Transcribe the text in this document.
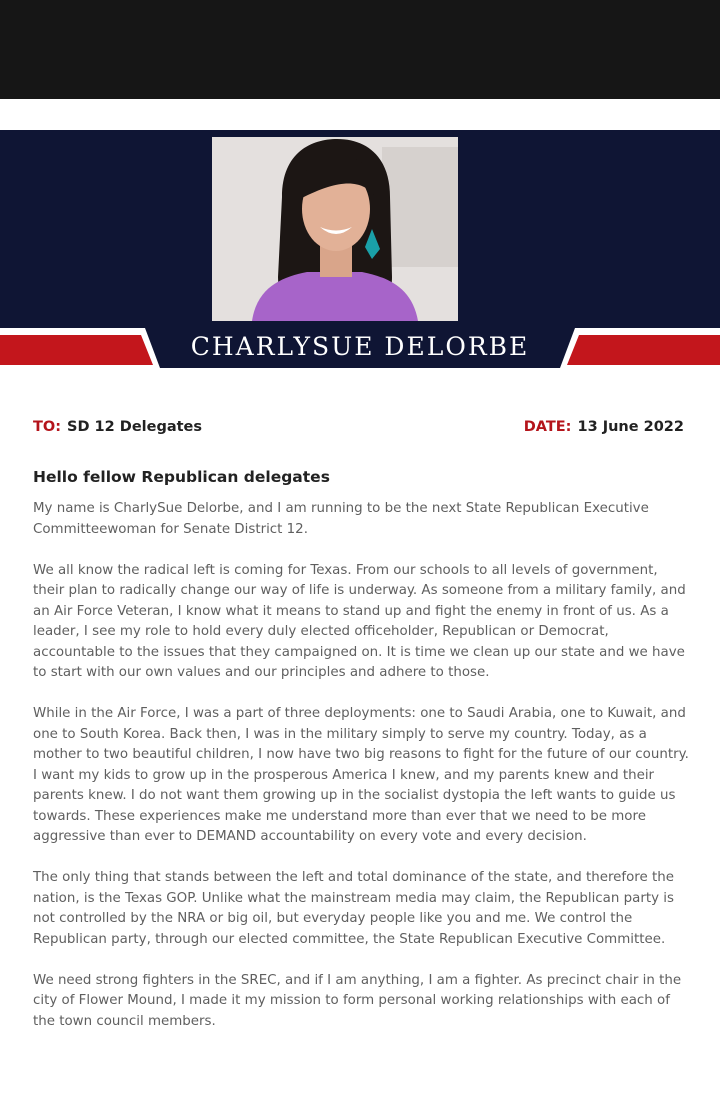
CHARLYSUE DELORBE
TO: SD 12 Delegates	DATE: 13 June 2022
Hello fellow Republican delegates

My name is CharlySue Delorbe, and I am running to be the next State Republican Executive Committeewoman for Senate District 12.

We all know the radical left is coming for Texas. From our schools to all levels of government, their plan to radically change our way of life is underway. As someone from a military family, and an Air Force Veteran, I know what it means to stand up and fight the enemy in front of us. As a leader, I see my role to hold every duly elected officeholder, Republican or Democrat, accountable to the issues that they campaigned on. It is time we clean up our state and we have to start with our own values and our principles and adhere to those.

While in the Air Force, I was a part of three deployments: one to Saudi Arabia, one to Kuwait, and one to South Korea. Back then, I was in the military simply to serve my country. Today, as a mother to two beautiful children, I now have two big reasons to fight for the future of our country. I want my kids to grow up in the prosperous America I knew, and my parents knew and their parents knew. I do not want them growing up in the socialist dystopia the left wants to guide us towards. These experiences make me understand more than ever that we need to be more aggressive than ever to DEMAND accountability on every vote and every decision.

The only thing that stands between the left and total dominance of the state, and therefore the nation, is the Texas GOP. Unlike what the mainstream media may claim, the Republican party is not controlled by the NRA or big oil, but everyday people like you and me. We control the Republican party, through our elected committee, the State Republican Executive Committee.

We need strong fighters in the SREC, and if I am anything, I am a fighter. As precinct chair in the city of Flower Mound, I made it my mission to form personal working relationships with each of the town council members.
